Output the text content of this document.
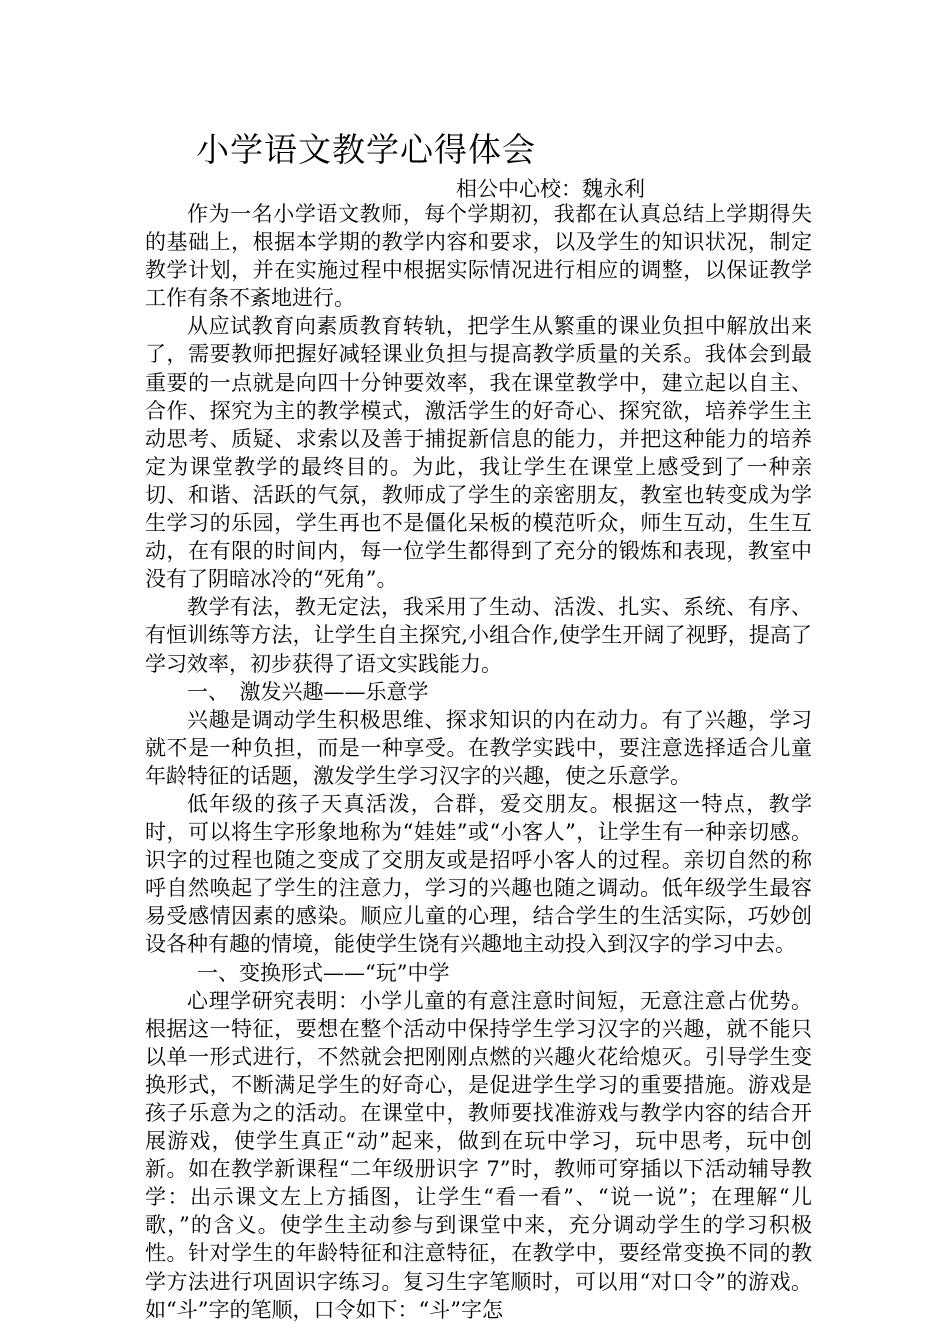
小学语文教学心得体会
相公中心校：魏永利

作为一名小学语文教师，每个学期初，我都在认真总结上学期得失的基础上，根据本学期的教学内容和要求，以及学生的知识状况，制定教学计划，并在实施过程中根据实际情况进行相应的调整，以保证教学工作有条不紊地进行。

从应试教育向素质教育转轨，把学生从繁重的课业负担中解放出来了，需要教师把握好减轻课业负担与提高教学质量的关系。我体会到最重要的一点就是向四十分钟要效率，我在课堂教学中，建立起以自主、合作、探究为主的教学模式，激活学生的好奇心、探究欲，培养学生主动思考、质疑、求索以及善于捕捉新信息的能力，并把这种能力的培养定为课堂教学的最终目的。为此，我让学生在课堂上感受到了一种亲切、和谐、活跃的气氛，教师成了学生的亲密朋友，教室也转变成为学生学习的乐园，学生再也不是僵化呆板的模范听众，师生互动，生生互动，在有限的时间内，每一位学生都得到了充分的锻炼和表现，教室中没有了阴暗冰冷的“死角”。

教学有法，教无定法，我采用了生动、活泼、扎实、系统、有序、有恒训练等方法，让学生自主探究,小组合作,使学生开阔了视野，提高了学习效率，初步获得了语文实践能力。

一、　激发兴趣——乐意学

兴趣是调动学生积极思维、探求知识的内在动力。有了兴趣，学习就不是一种负担，而是一种享受。在教学实践中，要注意选择适合儿童年龄特征的话题，激发学生学习汉字的兴趣，使之乐意学。

低年级的孩子天真活泼，合群，爱交朋友。根据这一特点，教学时，可以将生字形象地称为“娃娃”或“小客人”，让学生有一种亲切感。识字的过程也随之变成了交朋友或是招呼小客人的过程。亲切自然的称呼自然唤起了学生的注意力，学习的兴趣也随之调动。低年级学生最容易受感情因素的感染。顺应儿童的心理，结合学生的生活实际，巧妙创设各种有趣的情境，能使学生饶有兴趣地主动投入到汉字的学习中去。

一、变换形式——“玩”中学

心理学研究表明：小学儿童的有意注意时间短，无意注意占优势。根据这一特征，要想在整个活动中保持学生学习汉字的兴趣，就不能只以单一形式进行，不然就会把刚刚点燃的兴趣火花给熄灭。引导学生变换形式，不断满足学生的好奇心，是促进学生学习的重要措施。游戏是孩子乐意为之的活动。在课堂中，教师要找准游戏与教学内容的结合开展游戏，使学生真正“动”起来，做到在玩中学习，玩中思考，玩中创新。如在教学新课程“二年级册识字 7”时，教师可穿插以下活动辅导教学：出示课文左上方插图，让学生“看一看”、“说一说”；在理解“儿歌，”的含义。使学生主动参与到课堂中来，充分调动学生的学习积极性。针对学生的年龄特征和注意特征，在教学中，要经常变换不同的教学方法进行巩固识字练习。复习生字笔顺时，可以用“对口令”的游戏。如“斗”字的笔顺，口令如下：“斗”字怎
